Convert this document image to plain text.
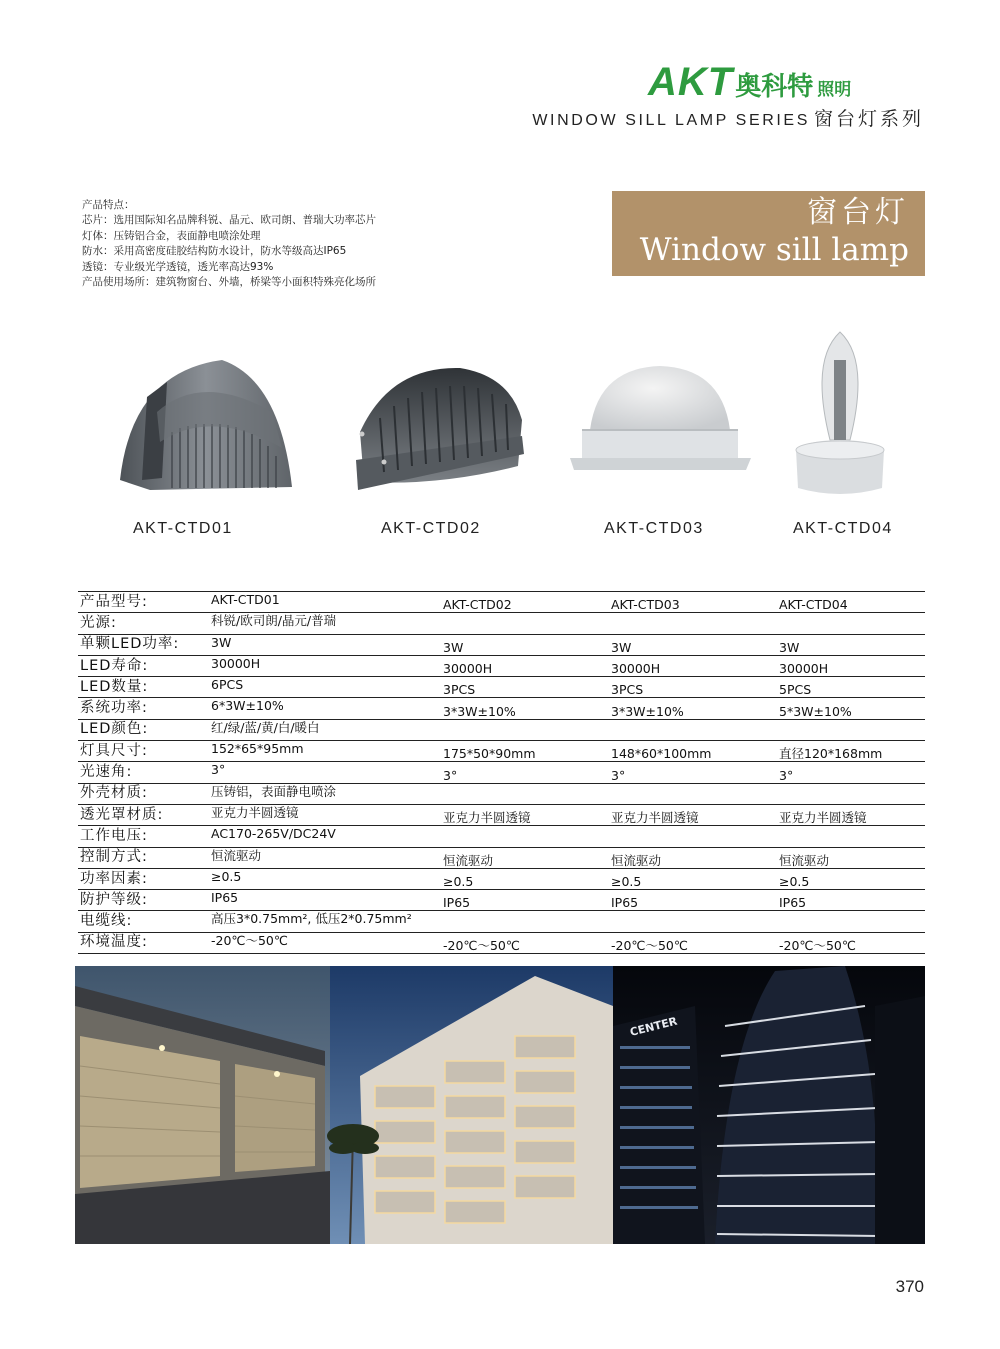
AKT奥科特 照明
WINDOW SILL LAMP SERIES 窗台灯系列
产品特点：
芯片：选用国际知名品牌科锐、晶元、欧司朗、普瑞大功率芯片
灯体：压铸铝合金，表面静电喷涂处理
防水：采用高密度硅胶结构防水设计，防水等级高达IP65
透镜：专业级光学透镜，透光率高达93%
产品使用场所：建筑物窗台、外墙，桥梁等小面积特殊亮化场所
窗台灯
Window sill lamp
AKT-CTD01	AKT-CTD02	AKT-CTD03	AKT-CTD04
产品型号:	AKT-CTD01	AKT-CTD02	AKT-CTD03	AKT-CTD04
光源:	科锐/欧司朗/晶元/普瑞			
单颗LED功率:	3W	3W	3W	3W
LED寿命:	30000H	30000H	30000H	30000H
LED数量:	6PCS	3PCS	3PCS	5PCS
系统功率:	6*3W±10%	3*3W±10%	3*3W±10%	5*3W±10%
LED颜色:	红/绿/蓝/黄/白/暖白			
灯具尺寸:	152*65*95mm	175*50*90mm	148*60*100mm	直径120*168mm
光速角:	3°	3°	3°	3°
外壳材质:	压铸铝，表面静电喷涂			
透光罩材质:	亚克力半圆透镜	亚克力半圆透镜	亚克力半圆透镜	亚克力半圆透镜
工作电压:	AC170-265V/DC24V			
控制方式:	恒流驱动	恒流驱动	恒流驱动	恒流驱动
功率因素:	≥0.5	≥0.5	≥0.5	≥0.5
防护等级:	IP65	IP65	IP65	IP65
电缆线:	高压3*0.75mm², 低压2*0.75mm²			
环境温度:	-20℃～50℃	-20℃～50℃	-20℃～50℃	-20℃～50℃
CENTER
370
